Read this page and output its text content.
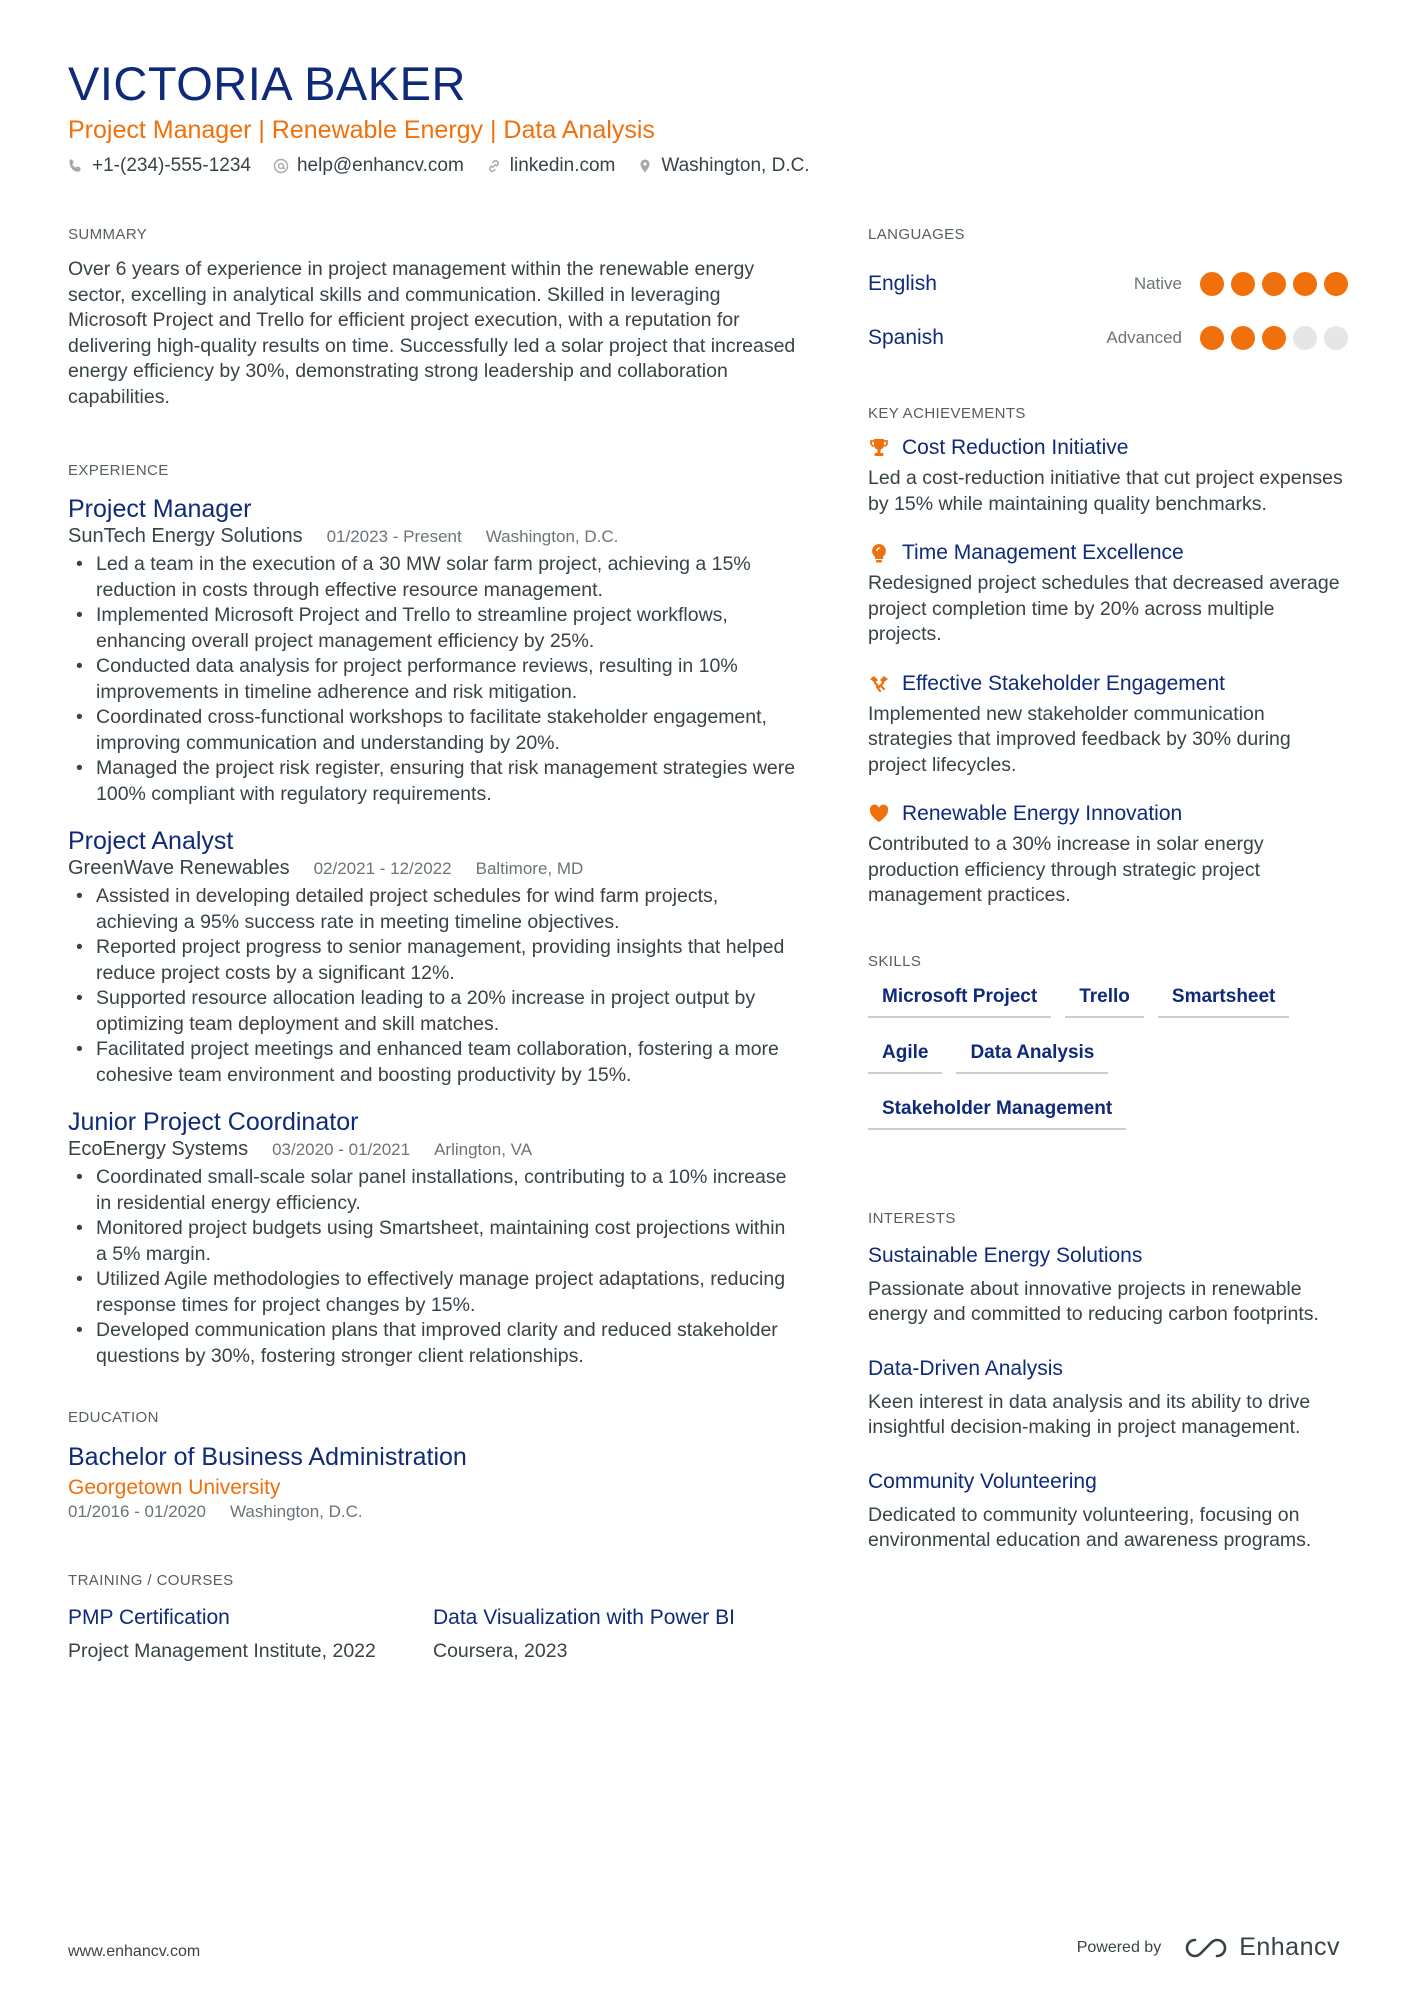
VICTORIA BAKER
Project Manager | Renewable Energy | Data Analysis
+1-(234)-555-1234 help@enhancv.com linkedin.com Washington, D.C.
SUMMARY
Over 6 years of experience in project management within the renewable energy sector, excelling in analytical skills and communication. Skilled in leveraging Microsoft Project and Trello for efficient project execution, with a reputation for delivering high-quality results on time. Successfully led a solar project that increased energy efficiency by 30%, demonstrating strong leadership and collaboration capabilities.
EXPERIENCE
Project Manager
SunTech Energy Solutions 01/2023 - Present Washington, D.C.
• Led a team in the execution of a 30 MW solar farm project, achieving a 15% reduction in costs through effective resource management.
• Implemented Microsoft Project and Trello to streamline project workflows, enhancing overall project management efficiency by 25%.
• Conducted data analysis for project performance reviews, resulting in 10% improvements in timeline adherence and risk mitigation.
• Coordinated cross-functional workshops to facilitate stakeholder engagement, improving communication and understanding by 20%.
• Managed the project risk register, ensuring that risk management strategies were 100% compliant with regulatory requirements.
Project Analyst
GreenWave Renewables 02/2021 - 12/2022 Baltimore, MD
• Assisted in developing detailed project schedules for wind farm projects, achieving a 95% success rate in meeting timeline objectives.
• Reported project progress to senior management, providing insights that helped reduce project costs by a significant 12%.
• Supported resource allocation leading to a 20% increase in project output by optimizing team deployment and skill matches.
• Facilitated project meetings and enhanced team collaboration, fostering a more cohesive team environment and boosting productivity by 15%.
Junior Project Coordinator
EcoEnergy Systems 03/2020 - 01/2021 Arlington, VA
• Coordinated small-scale solar panel installations, contributing to a 10% increase in residential energy efficiency.
• Monitored project budgets using Smartsheet, maintaining cost projections within a 5% margin.
• Utilized Agile methodologies to effectively manage project adaptations, reducing response times for project changes by 15%.
• Developed communication plans that improved clarity and reduced stakeholder questions by 30%, fostering stronger client relationships.
EDUCATION
Bachelor of Business Administration
Georgetown University
01/2016 - 01/2020 Washington, D.C.
TRAINING / COURSES
PMP Certification
Project Management Institute, 2022
Data Visualization with Power BI
Coursera, 2023
LANGUAGES
English	Native
Spanish	Advanced
KEY ACHIEVEMENTS
Cost Reduction Initiative
Led a cost-reduction initiative that cut project expenses by 15% while maintaining quality benchmarks.
Time Management Excellence
Redesigned project schedules that decreased average project completion time by 20% across multiple projects.
Effective Stakeholder Engagement
Implemented new stakeholder communication strategies that improved feedback by 30% during project lifecycles.
Renewable Energy Innovation
Contributed to a 30% increase in solar energy production efficiency through strategic project management practices.
SKILLS
Microsoft Project	Trello	Smartsheet
Agile	Data Analysis
Stakeholder Management
INTERESTS
Sustainable Energy Solutions
Passionate about innovative projects in renewable energy and committed to reducing carbon footprints.
Data-Driven Analysis
Keen interest in data analysis and its ability to drive insightful decision-making in project management.
Community Volunteering
Dedicated to community volunteering, focusing on environmental education and awareness programs.
www.enhancv.com	Powered by	Enhancv
